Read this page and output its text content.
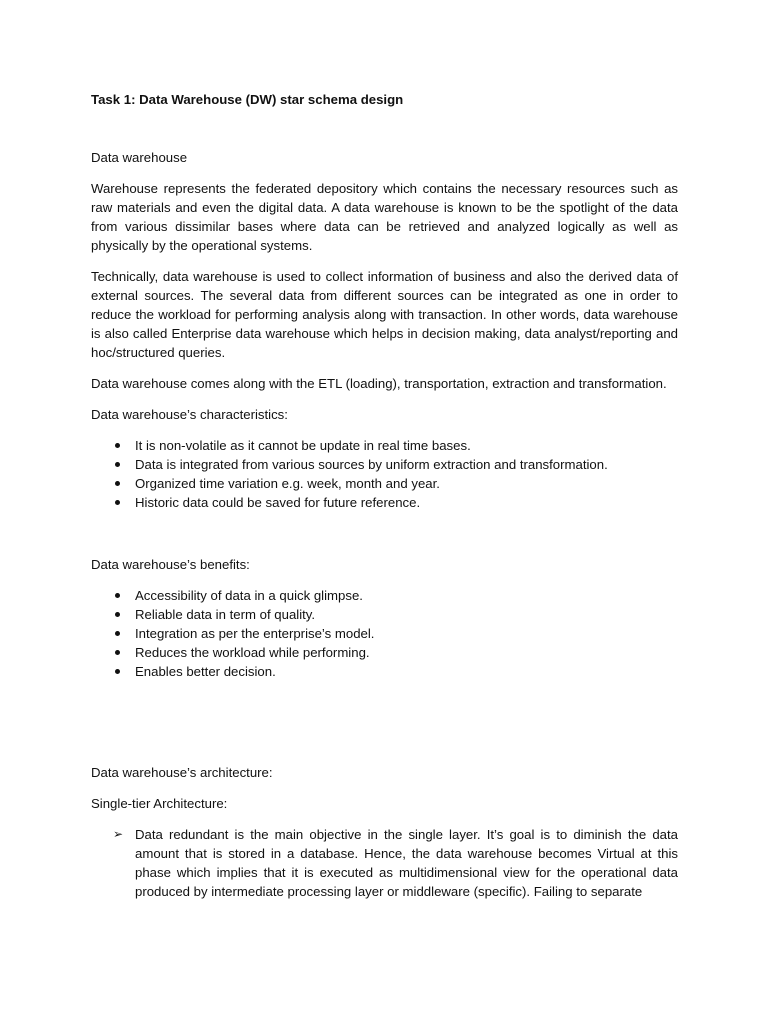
Task 1: Data Warehouse (DW) star schema design
Data warehouse

Warehouse represents the federated depository which contains the necessary resources such as raw materials and even the digital data. A data warehouse is known to be the spotlight of the data from various dissimilar bases where data can be retrieved and analyzed logically as well as physically by the operational systems.

Technically, data warehouse is used to collect information of business and also the derived data of external sources. The several data from different sources can be integrated as one in order to reduce the workload for performing analysis along with transaction. In other words, data warehouse is also called Enterprise data warehouse which helps in decision making, data analyst/reporting and hoc/structured queries.

Data warehouse comes along with the ETL (loading), transportation, extraction and transformation.

Data warehouse’s characteristics:
It is non-volatile as it cannot be update in real time bases.
Data is integrated from various sources by uniform extraction and transformation.
Organized time variation e.g. week, month and year.
Historic data could be saved for future reference.
Data warehouse’s benefits:
Accessibility of data in a quick glimpse.
Reliable data in term of quality.
Integration as per the enterprise’s model.
Reduces the workload while performing.
Enables better decision.
Data warehouse’s architecture:
Single-tier Architecture:
➢ Data redundant is the main objective in the single layer. It’s goal is to diminish the data amount that is stored in a database. Hence, the data warehouse becomes Virtual at this phase which implies that it is executed as multidimensional view for the operational data produced by intermediate processing layer or middleware (specific). Failing to separate
